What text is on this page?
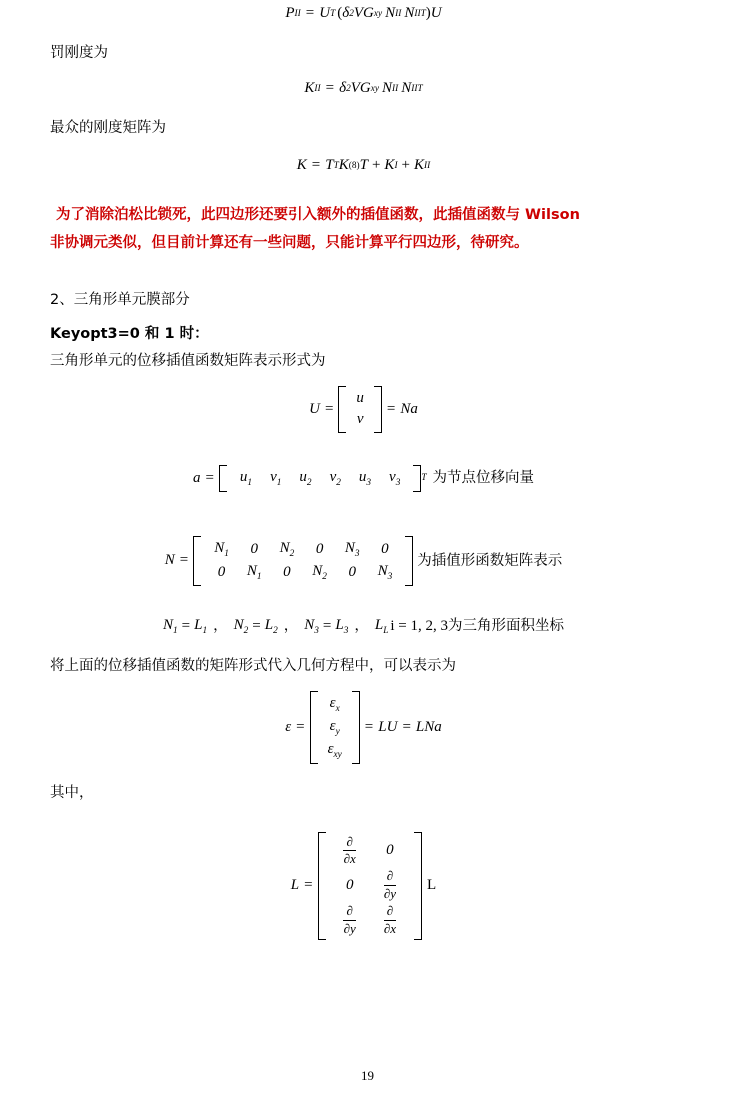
P II = U T ( δ 2 V G xy N II N II T ) U

罚刚度为

K II = δ 2 V G xy N II N II T

最众的刚度矩阵为

K = T T K (8) T + K I + K II

为了消除泊松比锁死，此四边形还要引入额外的插值函数，此插值函数与 Wilson

非协调元类似，但目前计算还有一些问题，只能计算平行四边形，待研究。

2、三角形单元膜部分

Keyopt3=0 和 1 时：

三角形单元的位移插值函数矩阵表示形式为

U =
u
v
= N a
$a = u_1$	$v_1$	$u_2$	$v_2$	$u_3$	$v_3$ T 为节点位移向量
N =
$N_1$	0	$N_2$	0	$N_3$	0
0	$N_1$	0	$N_2$	0	$N_3$
为插值形函数矩阵表示
$N_1 = L_1$ ， $N_2 = L_2$ ， $N_3 = L_3$ ， $L_L$ i = 1, 2, 3 为三角形面积坐标

将上面的位移插值函数的矩阵形式代入几何方程中，可以表示为

ε =
$\varepsilon_x$
$\varepsilon_y$
$\varepsilon_{xy}$
= LU = LNa

其中，

L =
$\frac{\partial}{\partial x}$	0
0	$\frac{\partial}{\partial y}$

$\frac{\partial}{\partial y}$	$\frac{\partial}{\partial x}$
L
19
